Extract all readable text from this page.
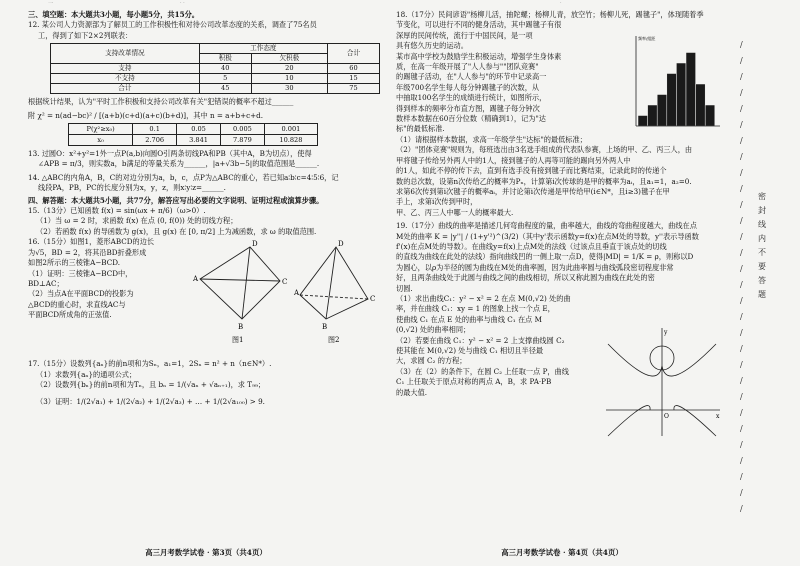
一	· ·	·

三、填空题：本大题共3小题，每小题5分，共15分。

12. 某公司人力资源部为了解员工的工作积极性和对待公司改革态度的关系，调查了75名员

工，得到了如下2×2列联表：

支持改革情况	工作态度		合计
	积极	欠积极	
支持	40	20	60
不支持	5	10	15
合计	45	30	75

根据统计结果，认为"平时工作积极和支持公司改革有关"犯错误的概率不超过______

附 χ² = n(ad−bc)² / [(a+b)(c+d)(a+c)(b+d)]，其中 n = a+b+c+d.

P(χ²≥x₀)	0.1	0.05	0.005	0.001
x₀	2.706	3.841	7.879	10.828

13. 过圆O：x²+y²=1外一点P(a,b)向圆O引两条切线PA和PB（其中A，B为切点），使得

∠APB = π/3，则实数a，b满足的等量关系为______，|a+√3b−5|的取值范围是______.

14. △ABC的内角A，B，C的对边分别为a，b，c，点P为△ABC的重心，若已知a∶b∶c=4∶5∶6，记

线段PA，PB，PC的长度分别为x，y，z，则x∶y∶z=______.

四、解答题：本大题共5小题，共77分，解答应写出必要的文字说明、证明过程或演算步骤。

15.（13分）已知函数 f(x) = sin(ωx + π/6)（ω>0）.

（1）当 ω = 2 时，求函数 f(x) 在点 (0, f(0)) 处的切线方程；

（2）若函数 f(x) 的导函数为 g(x)，且 g(x) 在 [0, π/2] 上为减函数，求 ω 的取值范围.

16.（15分）如图1，菱形ABCD的边长

为√5，BD = 2，将其沿BD折叠形成

如图2所示的三棱锥A−BCD.

（1）证明：三棱锥A−BCD中，

BD⊥AC；

（2）当点A在平面BCD的投影为

△BCD的重心时，求直线AC与

平面BCD所成角的正弦值.

A
D
C
B
图1
A
D
C
B
图2

17.（15分）设数列{aₙ}的前n项和为Sₙ，a₁=1，2Sₙ = n² + n（n∈N*）.

（1）求数列{aₙ}的通项公式；

（2）设数列{bₙ}的前n项和为Tₙ，且 bₙ = 1/(√aₙ + √aₙ₊₁)，求 T₉₉；

（3）证明：1/(2√a₁) + 1/(2√a₂) + 1/(2√a₃) + … + 1/(2√a₁₀₀) > 9.

高三月考数学试卷 · 第3页（共4页）

18.（17分）民间谚语"杨柳儿活，抽陀螺；杨柳儿青，放空竹；杨柳儿死，踢毽子"，体现随着季

节变化，可以进行不同的健身活动，其中踢毽子有很

深厚的民间传统，流行于中国民间，是一项

具有悠久历史的运动。

某市高中学校为鼓励学生积极运动，增强学生身体素

质，在高一年级开展了"人人参与""团队竞赛"

的踢毽子活动，在"人人参与"的环节中记录高一

年级700名学生每人每分钟踢毽子的次数，从

中抽取100名学生的成绩进行统计，如图所示，

得到样本的频率分布直方图，踢毽子每分钟次

数样本数据在60百分位数（精确到1），记为"达

标"的最低标准.

频率/组距

（1）请根据样本数据，求高一年级学生"达标"的最低标准；

（2）"团体竞赛"规则为，每班选出由3名选手组成的代表队参赛，上场的甲、乙、丙三人，由

甲将毽子传给另外两人中的1人，接到毽子的人再等可能的踢向另外两人中

的1人，如此不停的传下去，直到有选手没有接到毽子而比赛结束，记录此时的传递个

数的总次数，设第n次传给乙的概率为Pₙ，计算第i次传球的是甲的概率为aᵢ，且a₁=1，a₂=0.

求第6次传到第i次毽子的概率aᵢ，并讨论第i次传递是甲传给甲(i∈N*，且i≥3)毽子在甲

手上，求第i次传到甲时，

甲、乙、丙三人中哪一人的概率最大.

19.（17分）曲线的曲率是描述几何弯曲程度的量，曲率越大，曲线的弯曲程度越大，曲线在点

M处的曲率 K = |y''| / (1+y'²)^(3/2)（其中y'表示函数y=f(x)在点M处的导数，y''表示导函数

f'(x)在点M处的导数）。在曲线y=f(x)上点M处的法线（过该点且垂直于该点处的切线

的直线为曲线在此处的法线）指向曲线凹的一侧上取一点D，使得|MD| = 1/K = ρ，则称以D

为圆心，以ρ为半径的圆为曲线在M处的曲率圆，因为此曲率圆与曲线弧段密切程度非常

好，且两条曲线处于此圆与曲线之间的曲线相切，所以又称此圆为曲线在此处的密

切圆.

（1）求出曲线C₁：y² − x² = 2 在点 M(0,√2) 处的曲

率，并在曲线 C₁：xy = 1 的图象上找一个点 E，

使曲线 C₁ 在点 E 处的曲率与曲线 C₁ 在点 M

(0,√2) 处的曲率相同；

（2）若要在曲线 C₁：y² − x² = 2 上支撑曲线圆 C₂

使其能在 M(0,√2) 处与曲线 C₁ 相切且半径最

大，求圆 C₂ 的方程；

（3）在（2）的条件下，在圆 C₂ 上任取一点 P，曲线

C₁ 上任取关于原点对称的两点 A，B，求 PA·PB

的最大值.

y
x
O
高三月考数学试卷 · 第4页（共4页）
/
/
/
/
/
/
/
/
/
/
/
/
/
/
/
/
/
/
/
/
/
/
/
/
/
/
/
/
/
/
密封线内不要答题
